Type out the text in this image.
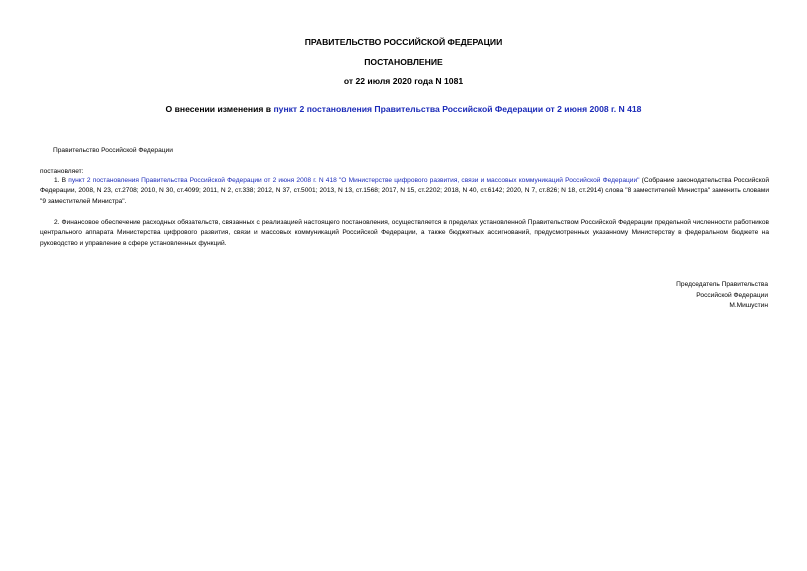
ПРАВИТЕЛЬСТВО РОССИЙСКОЙ ФЕДЕРАЦИИ
ПОСТАНОВЛЕНИЕ
от 22 июля 2020 года N 1081
О внесении изменения в пункт 2 постановления Правительства Российской Федерации от 2 июня 2008 г. N 418
Правительство Российской Федерации
постановляет:
1. В пункт 2 постановления Правительства Российской Федерации от 2 июня 2008 г. N 418 "О Министерстве цифрового развития, связи и массовых коммуникаций Российской Федерации" (Собрание законодательства Российской Федерации, 2008, N 23, ст.2708; 2010, N 30, ст.4099; 2011, N 2, ст.338; 2012, N 37, ст.5001; 2013, N 13, ст.1568; 2017, N 15, ст.2202; 2018, N 40, ст.6142; 2020, N 7, ст.826; N 18, ст.2914) слова "8 заместителей Министра" заменить словами "9 заместителей Министра".
2. Финансовое обеспечение расходных обязательств, связанных с реализацией настоящего постановления, осуществляется в пределах установленной Правительством Российской Федерации предельной численности работников центрального аппарата Министерства цифрового развития, связи и массовых коммуникаций Российской Федерации, а также бюджетных ассигнований, предусмотренных указанному Министерству в федеральном бюджете на руководство и управление в сфере установленных функций.
Председатель Правительства
Российской Федерации
М.Мишустин
